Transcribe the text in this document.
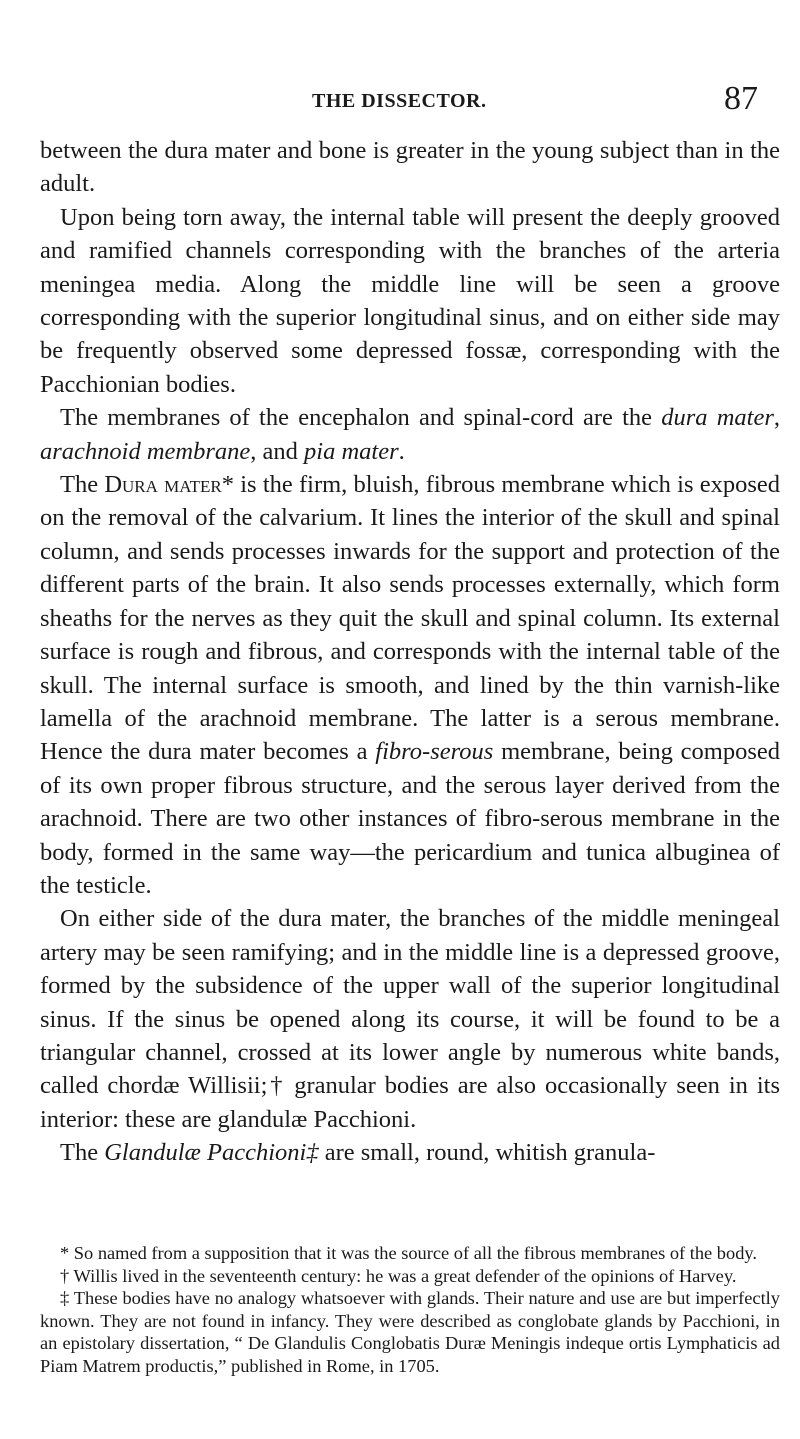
THE DISSECTOR.	87

between the dura mater and bone is greater in the young subject than in the adult.

Upon being torn away, the internal table will present the deeply grooved and ramified channels corresponding with the branches of the arteria meningea media. Along the middle line will be seen a groove corresponding with the superior longitudinal sinus, and on either side may be frequently observed some depressed fossæ, corresponding with the Pacchionian bodies.

The membranes of the encephalon and spinal-cord are the dura mater, arachnoid membrane, and pia mater.

The Dura mater* is the firm, bluish, fibrous membrane which is exposed on the removal of the calvarium. It lines the interior of the skull and spinal column, and sends processes inwards for the support and protection of the different parts of the brain. It also sends processes externally, which form sheaths for the nerves as they quit the skull and spinal column. Its external surface is rough and fibrous, and corresponds with the internal table of the skull. The internal surface is smooth, and lined by the thin varnish-like lamella of the arachnoid membrane. The latter is a serous membrane. Hence the dura mater becomes a fibro-serous membrane, being composed of its own proper fibrous structure, and the serous layer derived from the arachnoid. There are two other instances of fibro-serous membrane in the body, formed in the same way—the pericardium and tunica albuginea of the testicle.

On either side of the dura mater, the branches of the middle meningeal artery may be seen ramifying; and in the middle line is a depressed groove, formed by the subsidence of the upper wall of the superior longitudinal sinus. If the sinus be opened along its course, it will be found to be a triangular channel, crossed at its lower angle by numerous white bands, called chordæ Willisii;† granular bodies are also occasionally seen in its interior: these are glandulæ Pacchioni.

The Glandulæ Pacchioni‡ are small, round, whitish granula-

* So named from a supposition that it was the source of all the fibrous membranes of the body.

† Willis lived in the seventeenth century: he was a great defender of the opinions of Harvey.

‡ These bodies have no analogy whatsoever with glands. Their nature and use are but imperfectly known. They are not found in infancy. They were described as conglobate glands by Pacchioni, in an epistolary dissertation, “ De Glandulis Conglobatis Duræ Meningis indeque ortis Lymphaticis ad Piam Matrem productis,” published in Rome, in 1705.
